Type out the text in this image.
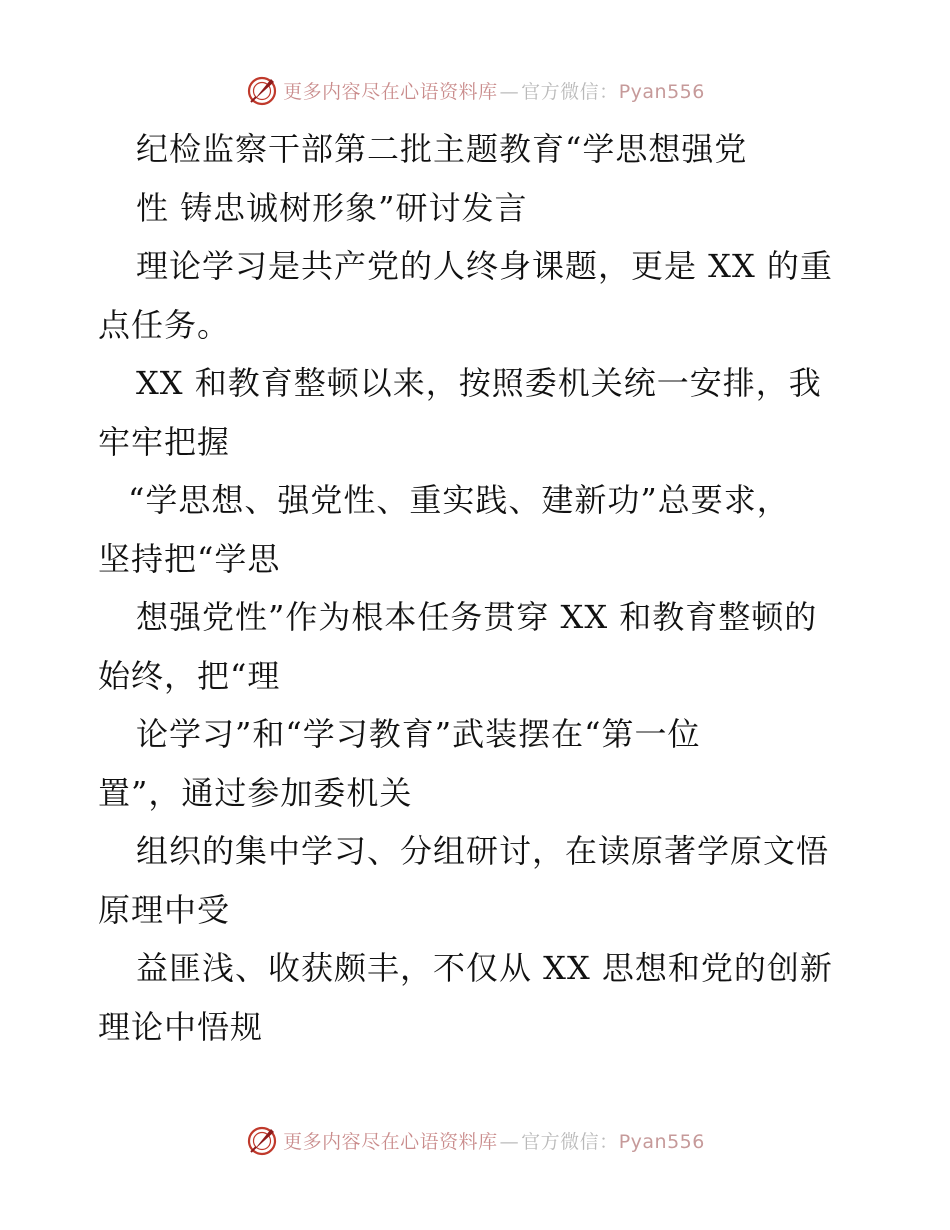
更多内容尽在心语资料库 — 官方微信：Pyan556
纪检监察干部第二批主题教育“学思想强党
性 铸忠诚树形象”研讨发言
理论学习是共产党的人终身课题，更是 XX 的重
点任务。
XX 和教育整顿以来，按照委机关统一安排，我
牢牢把握
“学思想、强党性、重实践、建新功”总要求，
坚持把“学思
想强党性”作为根本任务贯穿 XX 和教育整顿的
始终，把“理
论学习”和“学习教育”武装摆在“第一位
置”，通过参加委机关
组织的集中学习、分组研讨，在读原著学原文悟
原理中受
益匪浅、收获颇丰，不仅从 XX 思想和党的创新
理论中悟规
更多内容尽在心语资料库 — 官方微信：Pyan556
